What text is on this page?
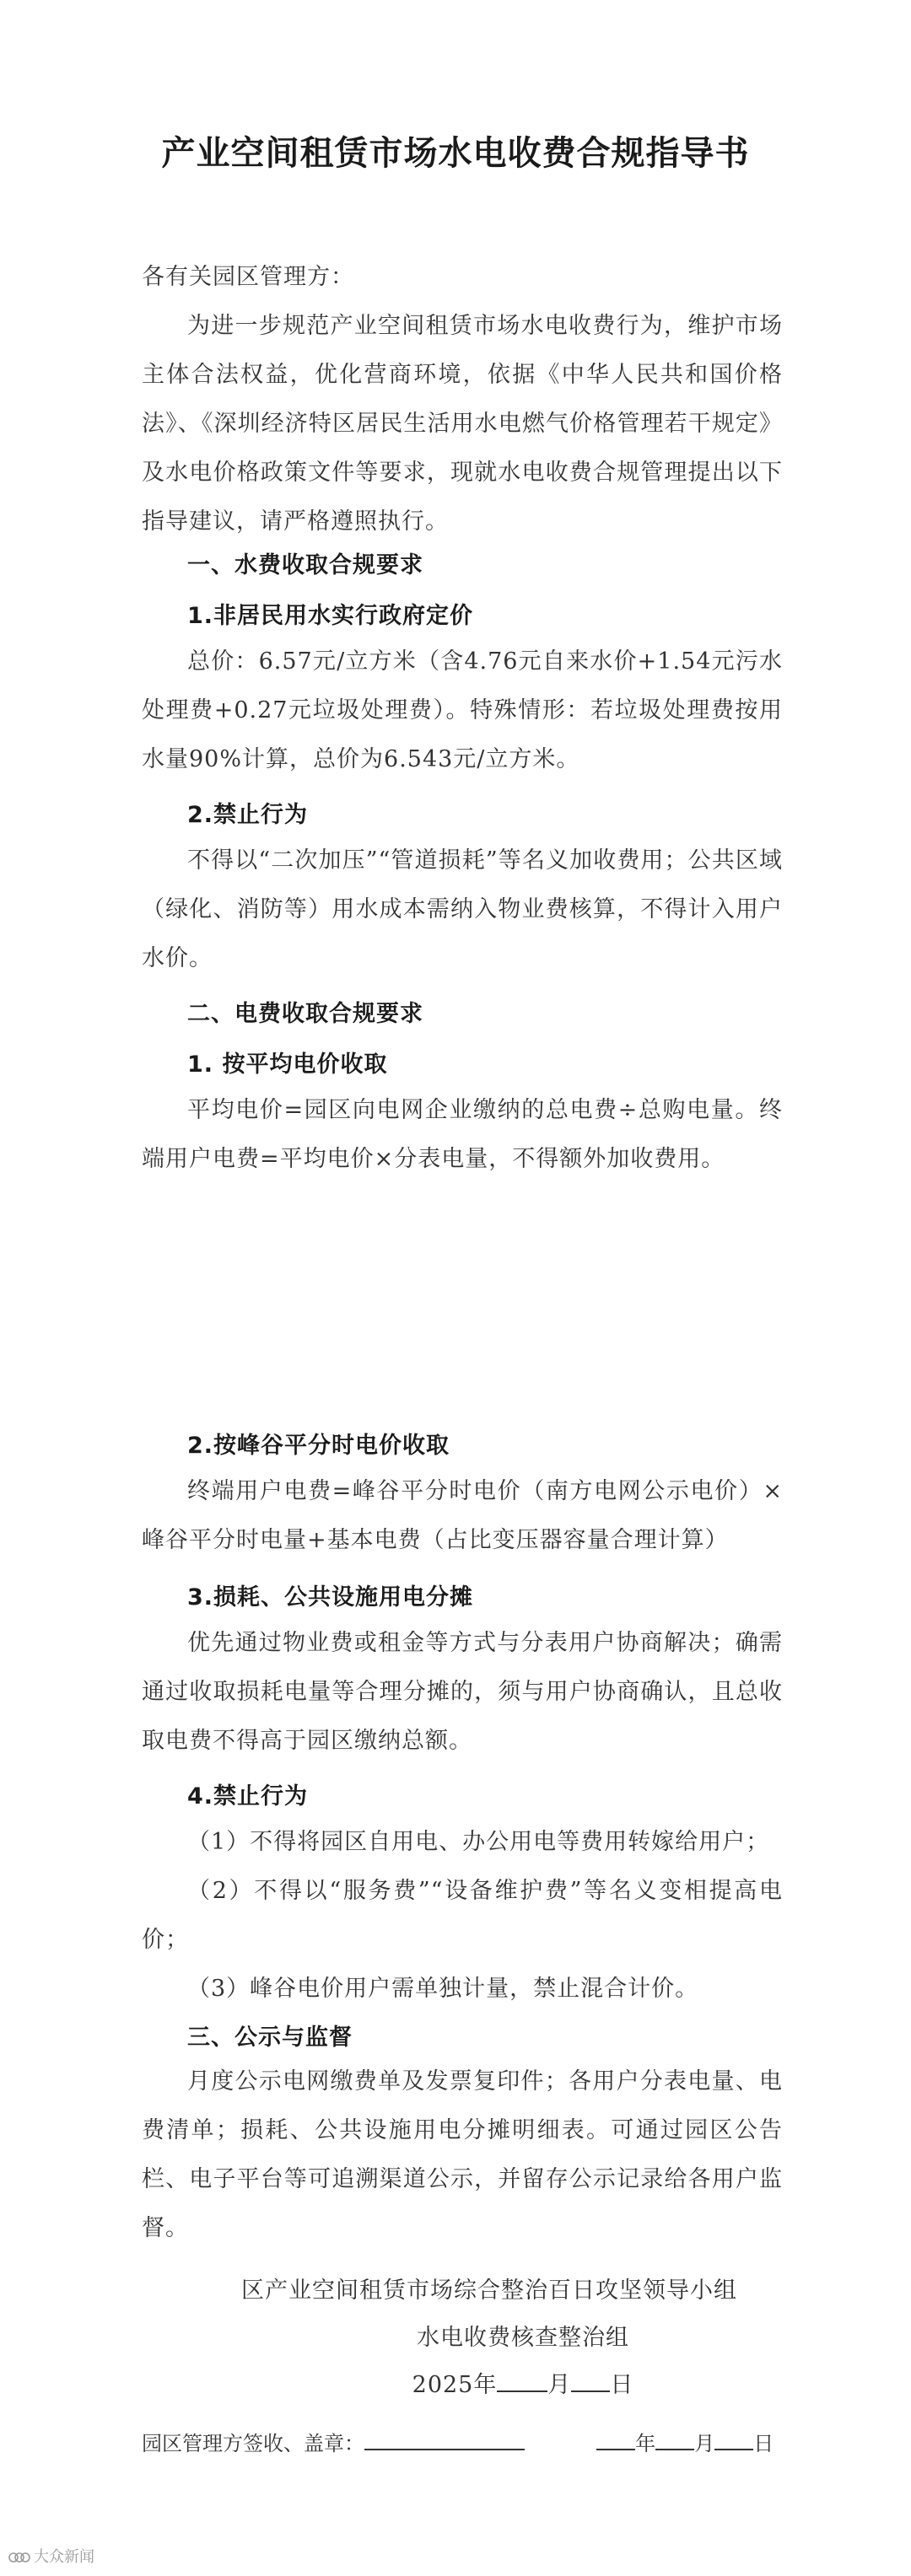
产业空间租赁市场水电收费合规指导书
各有关园区管理方：
为进一步规范产业空间租赁市场水电收费行为，维护市场主体合法权益，优化营商环境，依据《中华人民共和国价格法》、《深圳经济特区居民生活用水电燃气价格管理若干规定》及水电价格政策文件等要求，现就水电收费合规管理提出以下指导建议，请严格遵照执行。
一、水费收取合规要求
1.非居民用水实行政府定价
总价：6.57元/立方米（含4.76元自来水价+1.54元污水处理费+0.27元垃圾处理费）。特殊情形：若垃圾处理费按用水量90%计算，总价为6.543元/立方米。
2.禁止行为
不得以“二次加压”“管道损耗”等名义加收费用；公共区域（绿化、消防等）用水成本需纳入物业费核算，不得计入用户水价。
二、电费收取合规要求
1. 按平均电价收取
平均电价=园区向电网企业缴纳的总电费÷总购电量。终端用户电费=平均电价×分表电量，不得额外加收费用。
2.按峰谷平分时电价收取
终端用户电费=峰谷平分时电价（南方电网公示电价）×峰谷平分时电量+基本电费（占比变压器容量合理计算）
3.损耗、公共设施用电分摊
优先通过物业费或租金等方式与分表用户协商解决；确需通过收取损耗电量等合理分摊的，须与用户协商确认，且总收取电费不得高于园区缴纳总额。
4.禁止行为
（1）不得将园区自用电、办公用电等费用转嫁给用户；
（2）不得以“服务费”“设备维护费”等名义变相提高电价；
（3）峰谷电价用户需单独计量，禁止混合计价。
三、公示与监督
月度公示电网缴费单及发票复印件；各用户分表电量、电费清单；损耗、公共设施用电分摊明细表。可通过园区公告栏、电子平台等可追溯渠道公示，并留存公示记录给各用户监督。
区产业空间租赁市场综合整治百日攻坚领导小组
水电收费核查整治组
2025年 月 日
园区管理方签收、盖章：	年 月 日
大众新闻
